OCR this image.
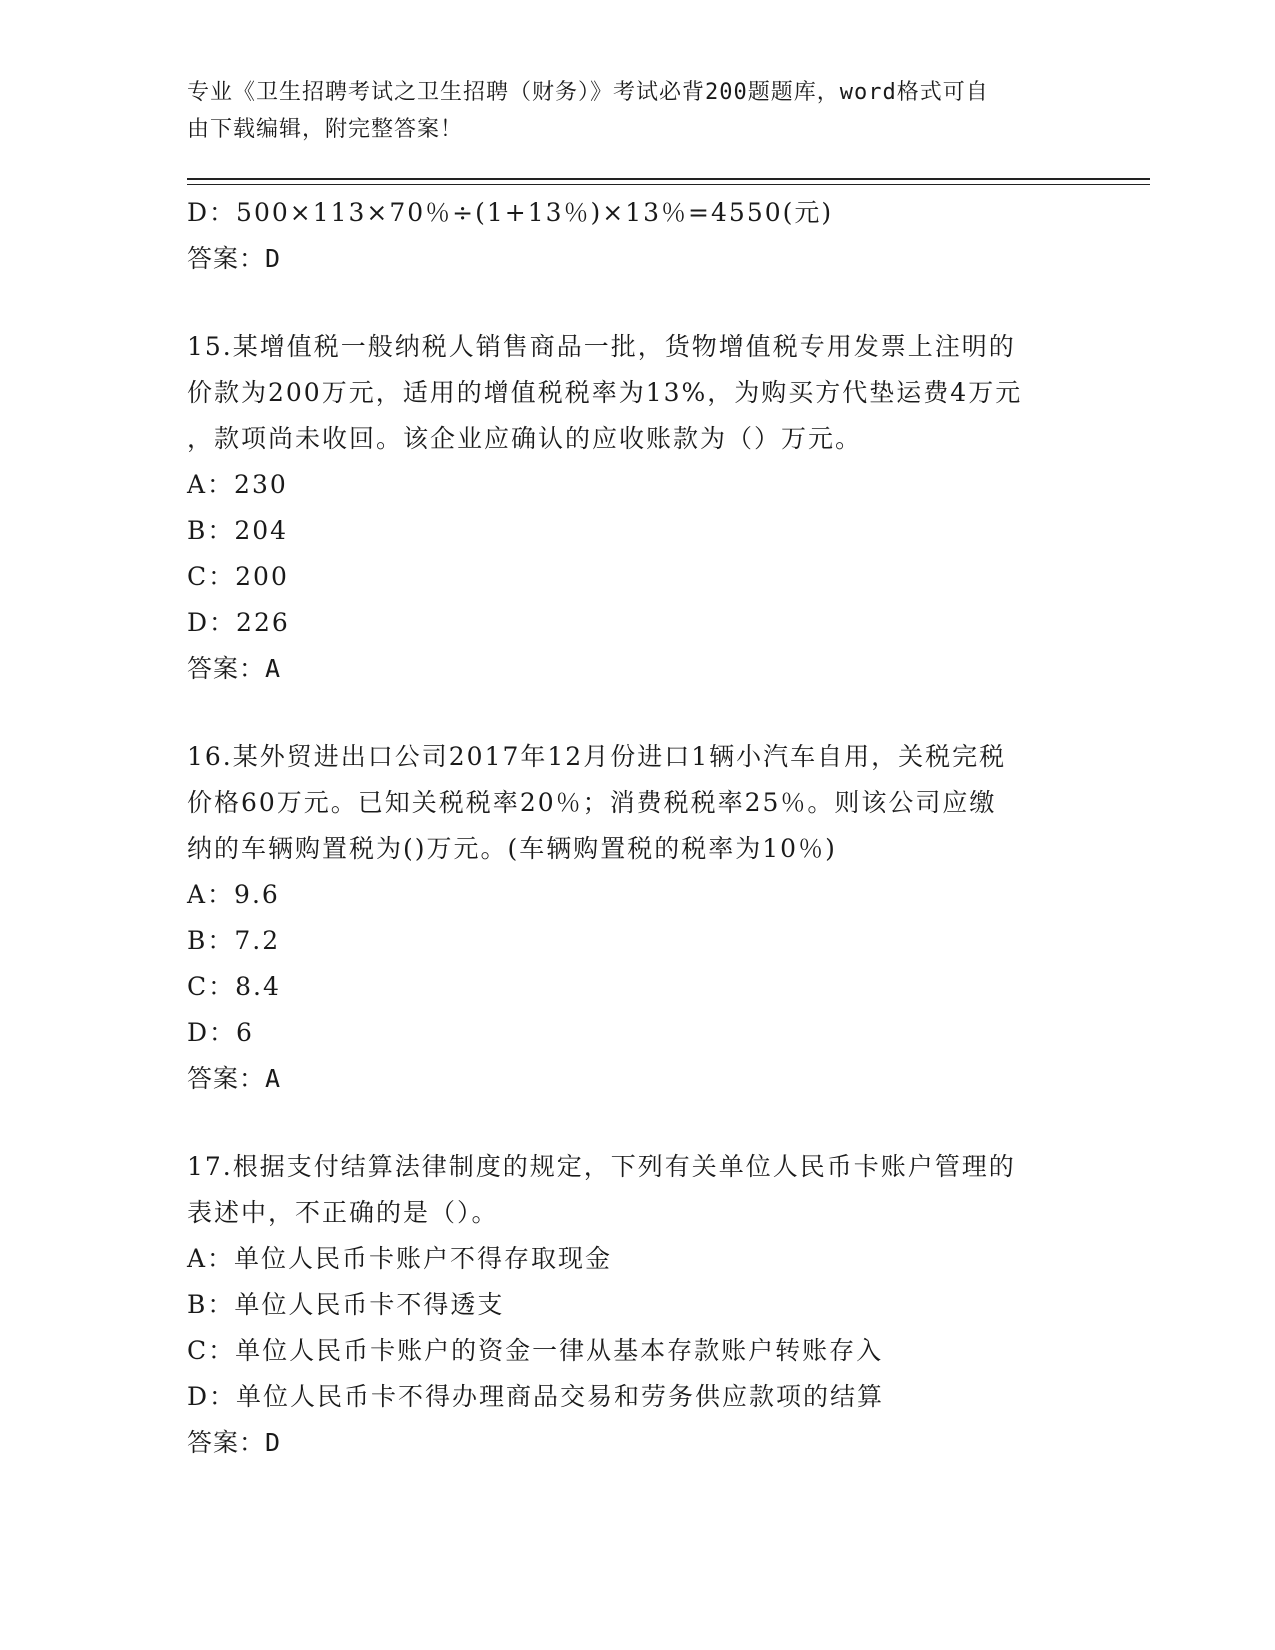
专业《卫生招聘考试之卫生招聘（财务）》考试必背200题题库，word格式可自
由下载编辑，附完整答案！
D：500×113×70％÷(1+13％)×13％=4550(元)
答案：D
15.某增值税一般纳税人销售商品一批，货物增值税专用发票上注明的
价款为200万元，适用的增值税税率为13%，为购买方代垫运费4万元
，款项尚未收回。该企业应确认的应收账款为（）万元。
A：230
B：204
C：200
D：226
答案：A
16.某外贸进出口公司2017年12月份进口1辆小汽车自用，关税完税
价格60万元。已知关税税率20％；消费税税率25％。则该公司应缴
纳的车辆购置税为()万元。(车辆购置税的税率为10％)
A：9.6
B：7.2
C：8.4
D：6
答案：A
17.根据支付结算法律制度的规定，下列有关单位人民币卡账户管理的
表述中，不正确的是（）。
A：单位人民币卡账户不得存取现金
B：单位人民币卡不得透支
C：单位人民币卡账户的资金一律从基本存款账户转账存入
D：单位人民币卡不得办理商品交易和劳务供应款项的结算
答案：D
